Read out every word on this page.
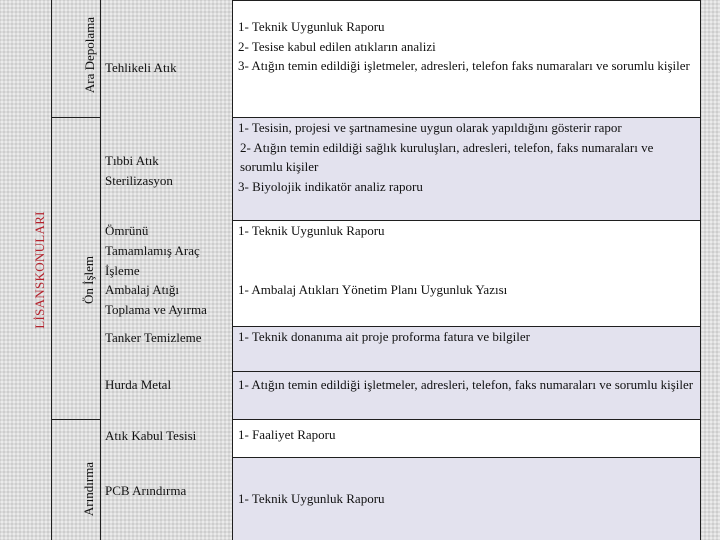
LİSANSKONULARI
Ara Depolama
Ön İşlem
Arındırma
Tehlikeli Atık
Tıbbi Atık
Sterilizasyon
Ömrünü
Tamamlamış Araç
İşleme
Ambalaj Atığı
Toplama ve Ayırma
Tanker Temizleme
Hurda Metal
Atık Kabul Tesisi
PCB Arındırma

1- Teknik Uygunluk Raporu

2- Tesise kabul edilen atıkların analizi

3- Atığın temin edildiği işletmeler, adresleri, telefon faks numaraları ve sorumlu kişiler

1- Tesisin, projesi ve şartnamesine uygun olarak yapıldığını gösterir rapor

2- Atığın temin edildiği sağlık kuruluşları, adresleri, telefon, faks numaraları ve sorumlu kişiler

3- Biyolojik indikatör analiz raporu

1- Teknik Uygunluk Raporu

1- Ambalaj Atıkları Yönetim Planı Uygunluk Yazısı

1- Teknik donanıma ait proje proforma fatura ve bilgiler

1- Atığın temin edildiği işletmeler, adresleri, telefon, faks numaraları ve sorumlu kişiler

1- Faaliyet Raporu

1- Teknik Uygunluk Raporu
